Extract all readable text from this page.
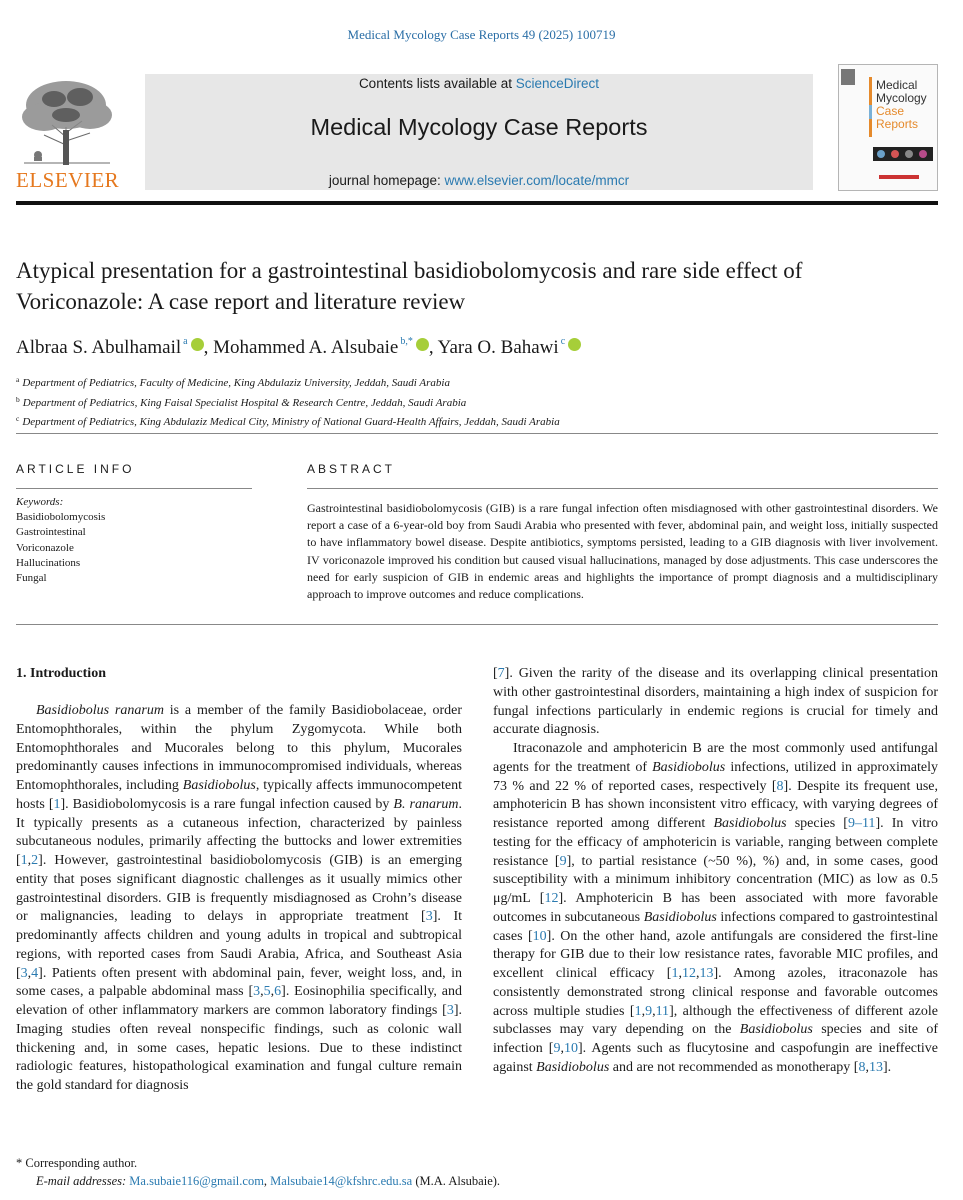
Medical Mycology Case Reports 49 (2025) 100719
ELSEVIER
Contents lists available at ScienceDirect
Medical Mycology Case Reports
journal homepage: www.elsevier.com/locate/mmcr
Medical
Mycology
Case
Reports
Atypical presentation for a gastrointestinal basidiobolomycosis and rare side effect of Voriconazole: A case report and literature review
Albraa S. Abulhamail $^a$ , Mohammed A. Alsubaie $^{b,*}$ , Yara O. Bahawi $^c$
$^a$ Department of Pediatrics, Faculty of Medicine, King Abdulaziz University, Jeddah, Saudi Arabia
$^b$ Department of Pediatrics, King Faisal Specialist Hospital & Research Centre, Jeddah, Saudi Arabia
$^c$ Department of Pediatrics, King Abdulaziz Medical City, Ministry of National Guard-Health Affairs, Jeddah, Saudi Arabia
ARTICLE INFO	ABSTRACT
Keywords:
Basidiobolomycosis
Gastrointestinal
Voriconazole
Hallucinations
Fungal
Gastrointestinal basidiobolomycosis (GIB) is a rare fungal infection often misdiagnosed with other gastrointestinal disorders. We report a case of a 6-year-old boy from Saudi Arabia who presented with fever, abdominal pain, and weight loss, initially suspected to have inflammatory bowel disease. Despite antibiotics, symptoms persisted, leading to a GIB diagnosis with liver involvement. IV voriconazole improved his condition but caused visual hallucinations, managed by dose adjustments. This case underscores the need for early suspicion of GIB in endemic areas and highlights the importance of prompt diagnosis and a multidisciplinary approach to improve outcomes and reduce complications.
1. Introduction
Basidiobolus ranarum is a member of the family Basidiobolaceae, order Entomophthorales, within the phylum Zygomycota. While both Entomophthorales and Mucorales belong to this phylum, Mucorales predominantly causes infections in immunocompromised individuals, whereas Entomophthorales, including Basidiobolus, typically affects immunocompetent hosts [1]. Basidiobolomycosis is a rare fungal infection caused by B. ranarum. It typically presents as a cutaneous infection, characterized by painless subcutaneous nodules, primarily affecting the buttocks and lower extremities [1,2]. However, gastrointestinal basidiobolomycosis (GIB) is an emerging entity that poses significant diagnostic challenges as it usually mimics other gastrointestinal disorders. GIB is frequently misdiagnosed as Crohn’s disease or malignancies, leading to delays in appropriate treatment [3]. It predominantly affects children and young adults in tropical and subtropical regions, with reported cases from Saudi Arabia, Africa, and Southeast Asia [3,4]. Patients often present with abdominal pain, fever, weight loss, and, in some cases, a palpable abdominal mass [3,5,6]. Eosinophilia specifically, and elevation of other inflammatory markers are common laboratory findings [3]. Imaging studies often reveal nonspecific findings, such as colonic wall thickening and, in some cases, hepatic lesions. Due to these indistinct radiologic features, histopathological examination and fungal culture remain the gold standard for diagnosis
[7]. Given the rarity of the disease and its overlapping clinical presentation with other gastrointestinal disorders, maintaining a high index of suspicion for fungal infections particularly in endemic regions is crucial for timely and accurate diagnosis.
Itraconazole and amphotericin B are the most commonly used antifungal agents for the treatment of Basidiobolus infections, utilized in approximately 73 % and 22 % of reported cases, respectively [8]. Despite its frequent use, amphotericin B has shown inconsistent vitro efficacy, with varying degrees of resistance reported among different Basidiobolus species [9–11]. In vitro testing for the efficacy of amphotericin is variable, ranging between complete resistance [9], to partial resistance (~50 %), %) and, in some cases, good susceptibility with a minimum inhibitory concentration (MIC) as low as 0.5 μg/mL [12]. Amphotericin B has been associated with more favorable outcomes in subcutaneous Basidiobolus infections compared to gastrointestinal cases [10]. On the other hand, azole antifungals are considered the first-line therapy for GIB due to their low resistance rates, favorable MIC profiles, and excellent clinical efficacy [1,12,13]. Among azoles, itraconazole has consistently demonstrated strong clinical response and favorable outcomes across multiple studies [1,9,11], although the effectiveness of different azole subclasses may vary depending on the Basidiobolus species and site of infection [9,10]. Agents such as flucytosine and caspofungin are ineffective against Basidiobolus and are not recommended as monotherapy [8,13].
* Corresponding author.
E-mail addresses: Ma.subaie116@gmail.com, Malsubaie14@kfshrc.edu.sa (M.A. Alsubaie).
